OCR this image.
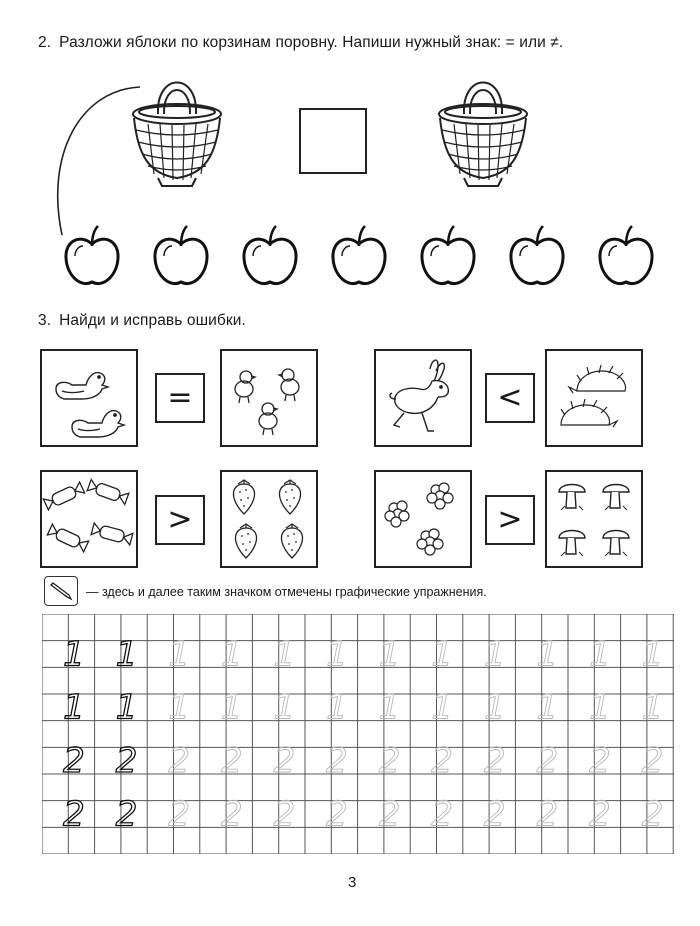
2. Разложи яблоки по корзинам поровну. Напиши нужный знак: = или ≠.
3. Найди и исправь ошибки.
=	<
>	>
— здесь и далее таким значком отмечены графические упражнения.
1 1 1 1 1 1 1 1 1 1 1 1
1 1 1 1 1 1 1 1 1 1 1 1
2 2 2 2 2 2 2 2 2 2 2 2
2 2 2 2 2 2 2 2 2 2 2 2
3
